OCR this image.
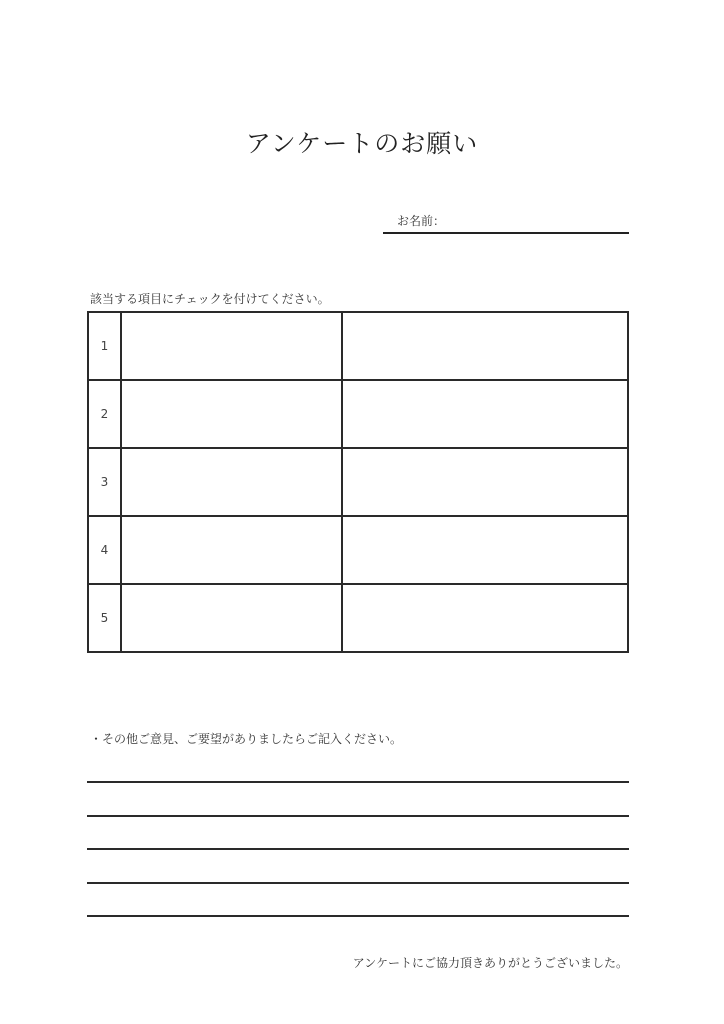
アンケートのお願い
お名前：
該当する項目にチェックを付けてください。
1		
2		
3		
4		
5		
・その他ご意見、ご要望がありましたらご記入ください。
アンケートにご協力頂きありがとうございました。
